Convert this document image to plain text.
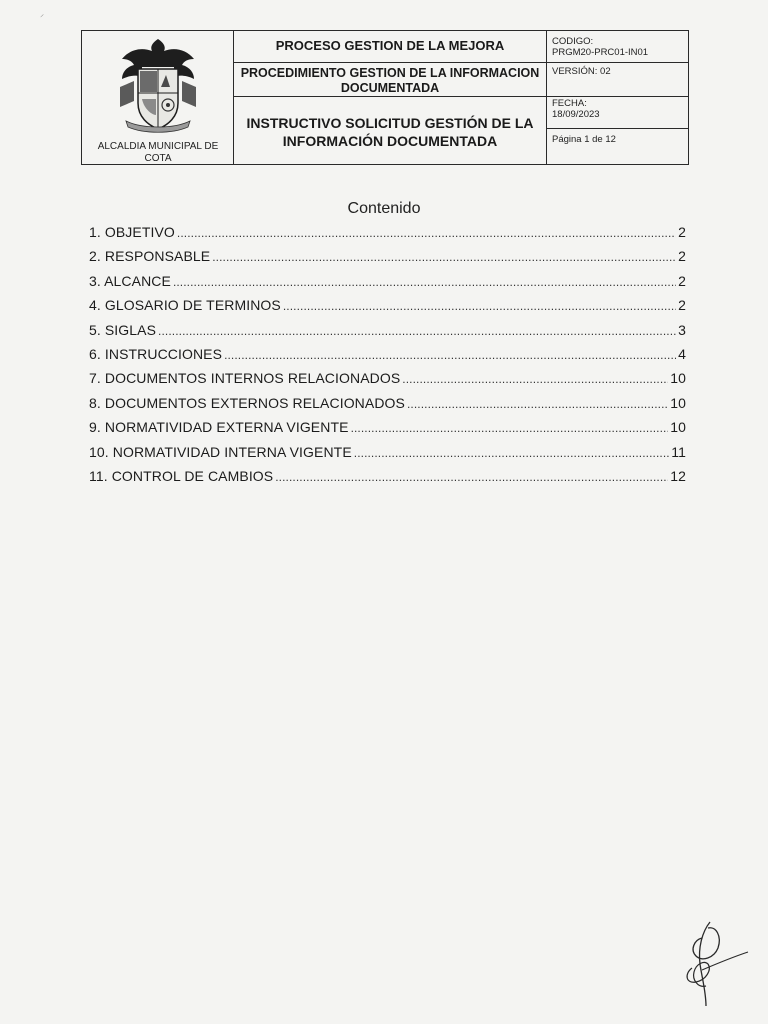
⸍
ALCALDIA MUNICIPAL DE COTA
PROCESO GESTION DE LA MEJORA
PROCEDIMIENTO GESTION DE LA INFORMACION DOCUMENTADA
INSTRUCTIVO SOLICITUD GESTIÓN DE LA INFORMACIÓN DOCUMENTADA
CODIGO:
PRGM20-PRC01-IN01
VERSIÓN: 02
FECHA:
18/09/2023
Página 1 de 12
Contenido
1. OBJETIVO .....	2
2. RESPONSABLE .....	2
3. ALCANCE .....	2
4. GLOSARIO DE TERMINOS .....	2
5. SIGLAS .....	3
6. INSTRUCCIONES .....	4
7. DOCUMENTOS INTERNOS RELACIONADOS .....	10
8. DOCUMENTOS EXTERNOS RELACIONADOS .....	10
9. NORMATIVIDAD EXTERNA VIGENTE .....	10
10. NORMATIVIDAD INTERNA VIGENTE .....	11
11. CONTROL DE CAMBIOS .....	12
